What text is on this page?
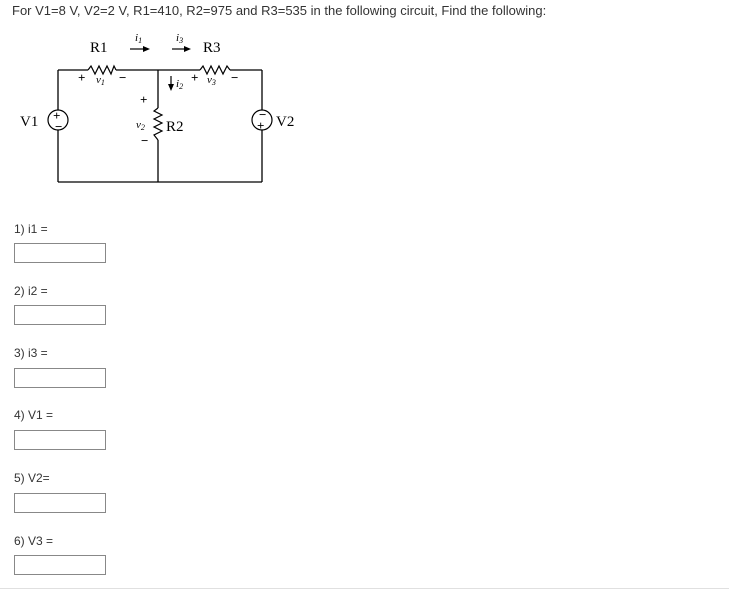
For V1=8 V, V2=2 V, R1=410, R2=975 and R3=535 in the following circuit, Find the following:
+
−
V1	−
+ V2
R1
+ v1 −
R3
+ v3 −
R2
+
v2
−
i1	i3
i2
1) i1 =
2) i2 =
3) i3 =
4) V1 =
5) V2=
6) V3 =
